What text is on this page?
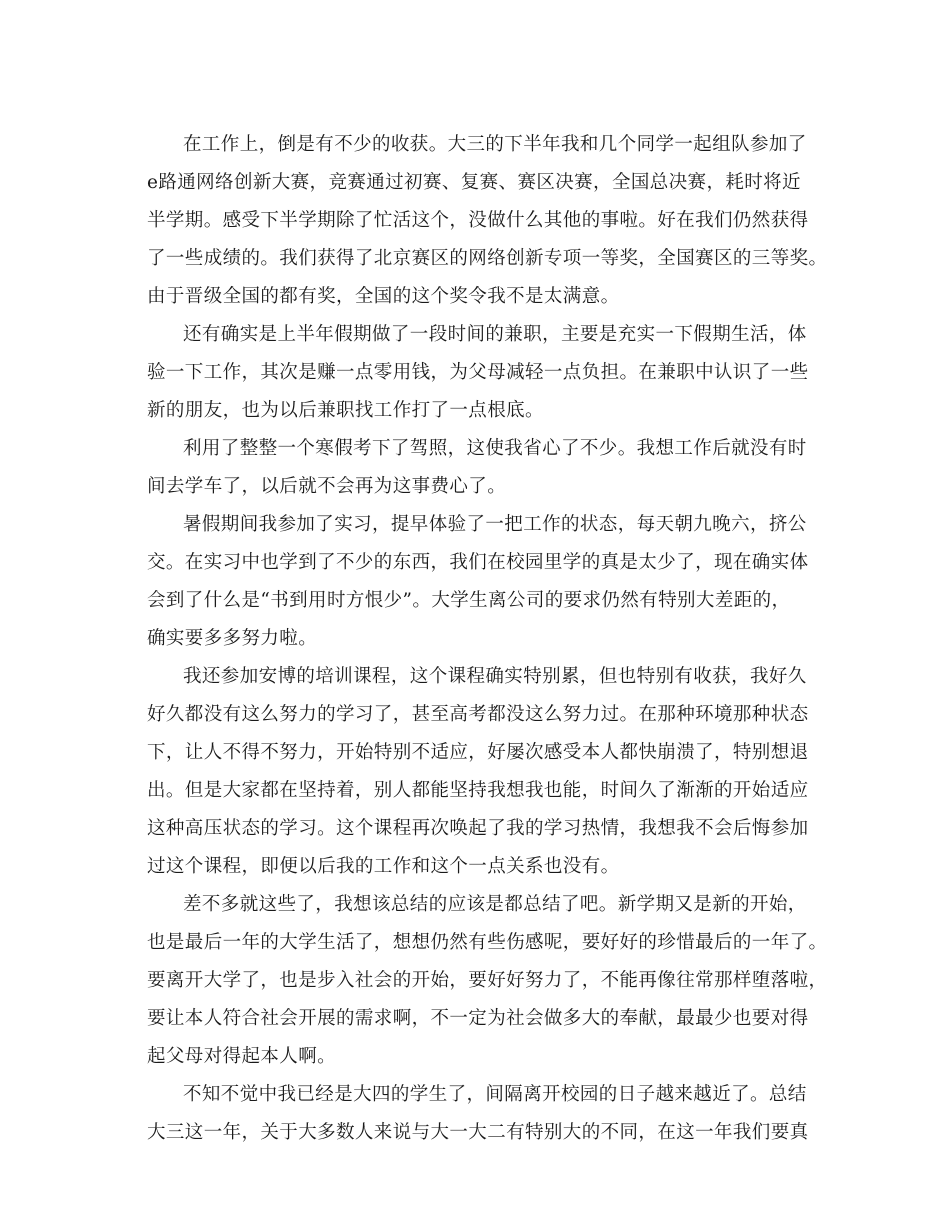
在工作上，倒是有不少的收获。大三的下半年我和几个同学一起组队参加了
e路通网络创新大赛，竞赛通过初赛、复赛、赛区决赛，全国总决赛，耗时将近
半学期。感受下半学期除了忙活这个，没做什么其他的事啦。好在我们仍然获得
了一些成绩的。我们获得了北京赛区的网络创新专项一等奖，全国赛区的三等奖。
由于晋级全国的都有奖，全国的这个奖令我不是太满意。
还有确实是上半年假期做了一段时间的兼职，主要是充实一下假期生活，体
验一下工作，其次是赚一点零用钱，为父母减轻一点负担。在兼职中认识了一些
新的朋友，也为以后兼职找工作打了一点根底。
利用了整整一个寒假考下了驾照，这使我省心了不少。我想工作后就没有时
间去学车了，以后就不会再为这事费心了。
暑假期间我参加了实习，提早体验了一把工作的状态，每天朝九晚六，挤公
交。在实习中也学到了不少的东西，我们在校园里学的真是太少了，现在确实体
会到了什么是“书到用时方恨少”。大学生离公司的要求仍然有特别大差距的，
确实要多多努力啦。
我还参加安博的培训课程，这个课程确实特别累，但也特别有收获，我好久
好久都没有这么努力的学习了，甚至高考都没这么努力过。在那种环境那种状态
下，让人不得不努力，开始特别不适应，好屡次感受本人都快崩溃了，特别想退
出。但是大家都在坚持着，别人都能坚持我想我也能，时间久了渐渐的开始适应
这种高压状态的学习。这个课程再次唤起了我的学习热情，我想我不会后悔参加
过这个课程，即便以后我的工作和这个一点关系也没有。
差不多就这些了，我想该总结的应该是都总结了吧。新学期又是新的开始，
也是最后一年的大学生活了，想想仍然有些伤感呢，要好好的珍惜最后的一年了。
要离开大学了，也是步入社会的开始，要好好努力了，不能再像往常那样堕落啦，
要让本人符合社会开展的需求啊，不一定为社会做多大的奉献，最最少也要对得
起父母对得起本人啊。
不知不觉中我已经是大四的学生了，间隔离开校园的日子越来越近了。总结
大三这一年，关于大多数人来说与大一大二有特别大的不同，在这一年我们要真
